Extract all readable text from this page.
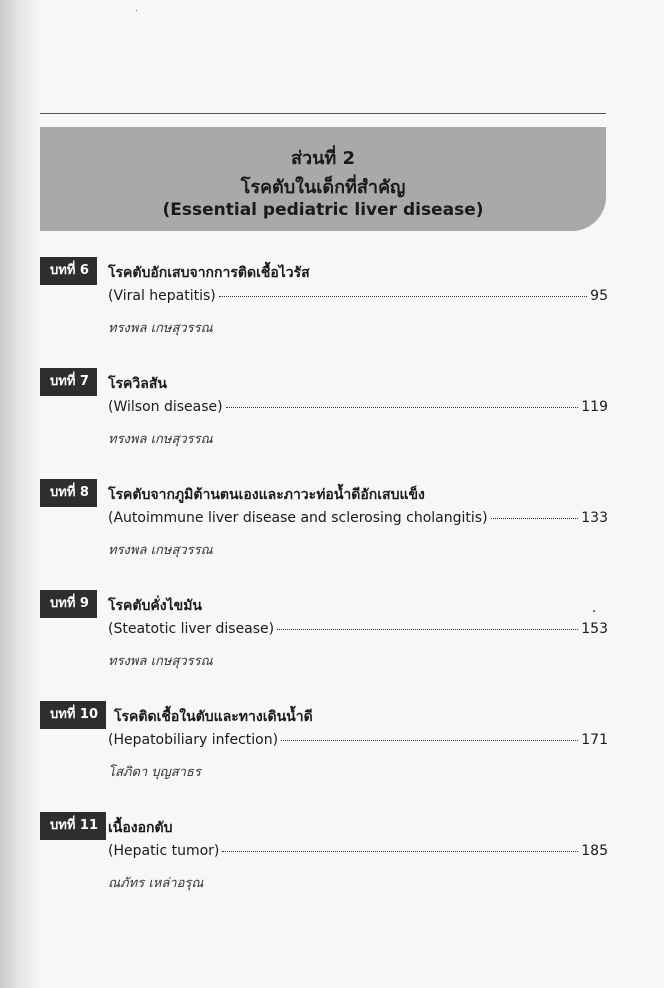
ส่วนที่ 2
โรคตับในเด็กที่สำคัญ
(Essential pediatric liver disease)
บทที่ 6	โรคตับอักเสบจากการติดเชื้อไวรัส
(Viral hepatitis)	95
ทรงพล เกษสุวรรณ
บทที่ 7	โรควิลสัน
(Wilson disease)	119
ทรงพล เกษสุวรรณ
บทที่ 8	โรคตับจากภูมิต้านตนเองและภาวะท่อน้ำดีอักเสบแข็ง
(Autoimmune liver disease and sclerosing cholangitis)	133
ทรงพล เกษสุวรรณ
บทที่ 9	โรคตับคั่งไขมัน
(Steatotic liver disease)	153
ทรงพล เกษสุวรรณ
บทที่ 10	โรคติดเชื้อในตับและทางเดินน้ำดี
(Hepatobiliary infection)	171
โสภิดา บุญสาธร
บทที่ 11 เนื้องอกตับ
(Hepatic tumor)	185
ณภัทร เหล่าอรุณ
